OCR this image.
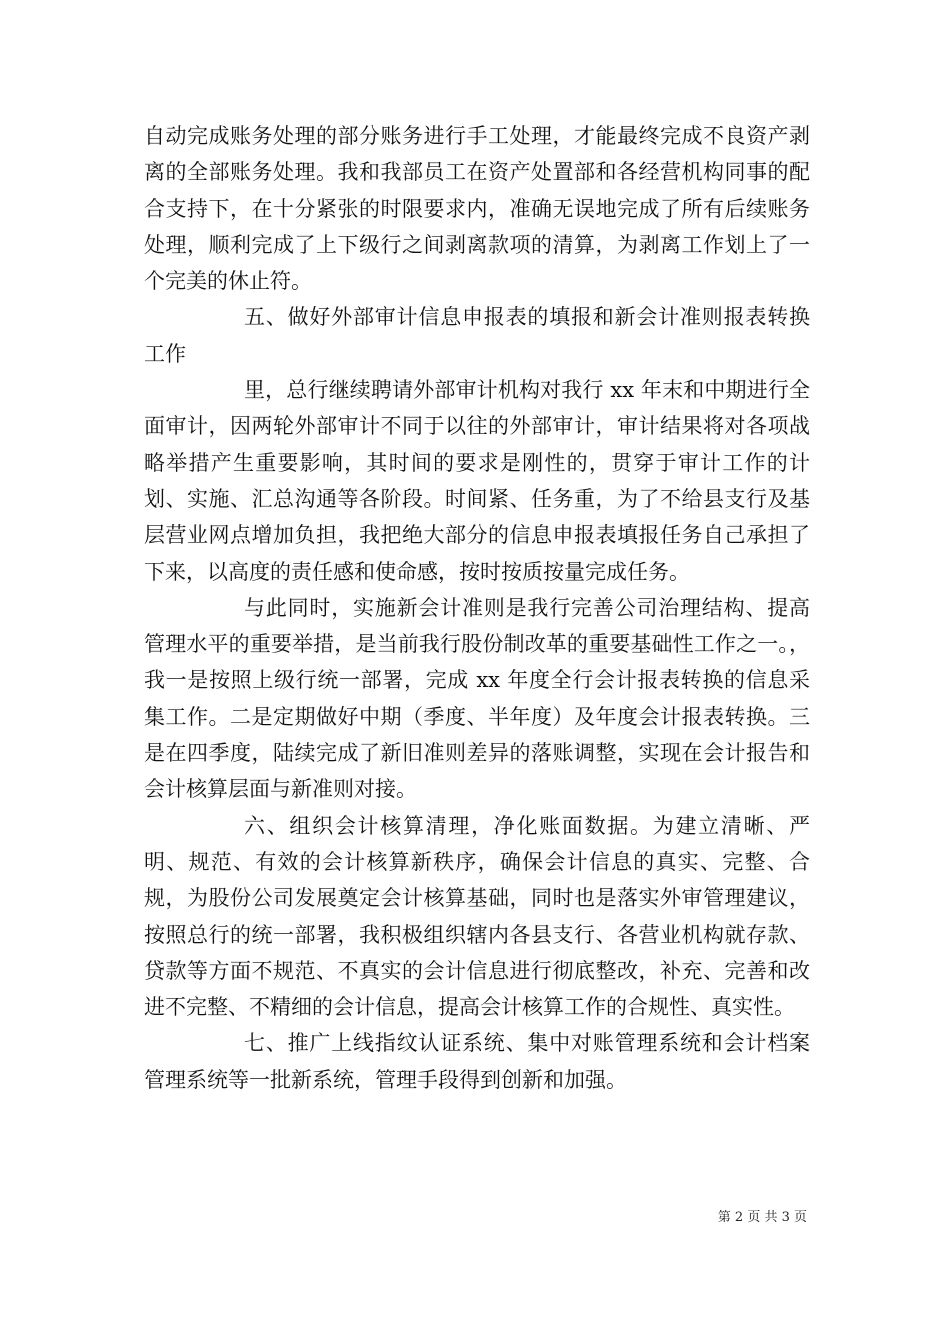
自动完成账务处理的部分账务进行手工处理，才能最终完成不良资产剥离的全部账务处理。我和我部员工在资产处置部和各经营机构同事的配合支持下，在十分紧张的时限要求内，准确无误地完成了所有后续账务处理，顺利完成了上下级行之间剥离款项的清算，为剥离工作划上了一个完美的休止符。

五、做好外部审计信息申报表的填报和新会计准则报表转换工作

里，总行继续聘请外部审计机构对我行 xx 年末和中期进行全面审计，因两轮外部审计不同于以往的外部审计，审计结果将对各项战略举措产生重要影响，其时间的要求是刚性的，贯穿于审计工作的计划、实施、汇总沟通等各阶段。时间紧、任务重，为了不给县支行及基层营业网点增加负担，我把绝大部分的信息申报表填报任务自己承担了下来，以高度的责任感和使命感，按时按质按量完成任务。

与此同时，实施新会计准则是我行完善公司治理结构、提高管理水平的重要举措，是当前我行股份制改革的重要基础性工作之一。，我一是按照上级行统一部署，完成 xx 年度全行会计报表转换的信息采集工作。二是定期做好中期（季度、半年度）及年度会计报表转换。三是在四季度，陆续完成了新旧准则差异的落账调整，实现在会计报告和会计核算层面与新准则对接。

六、组织会计核算清理，净化账面数据。为建立清晰、严明、规范、有效的会计核算新秩序，确保会计信息的真实、完整、合规，为股份公司发展奠定会计核算基础，同时也是落实外审管理建议，按照总行的统一部署，我积极组织辖内各县支行、各营业机构就存款、贷款等方面不规范、不真实的会计信息进行彻底整改，补充、完善和改进不完整、不精细的会计信息，提高会计核算工作的合规性、真实性。

七、推广上线指纹认证系统、集中对账管理系统和会计档案管理系统等一批新系统，管理手段得到创新和加强。

第 2 页 共 3 页
